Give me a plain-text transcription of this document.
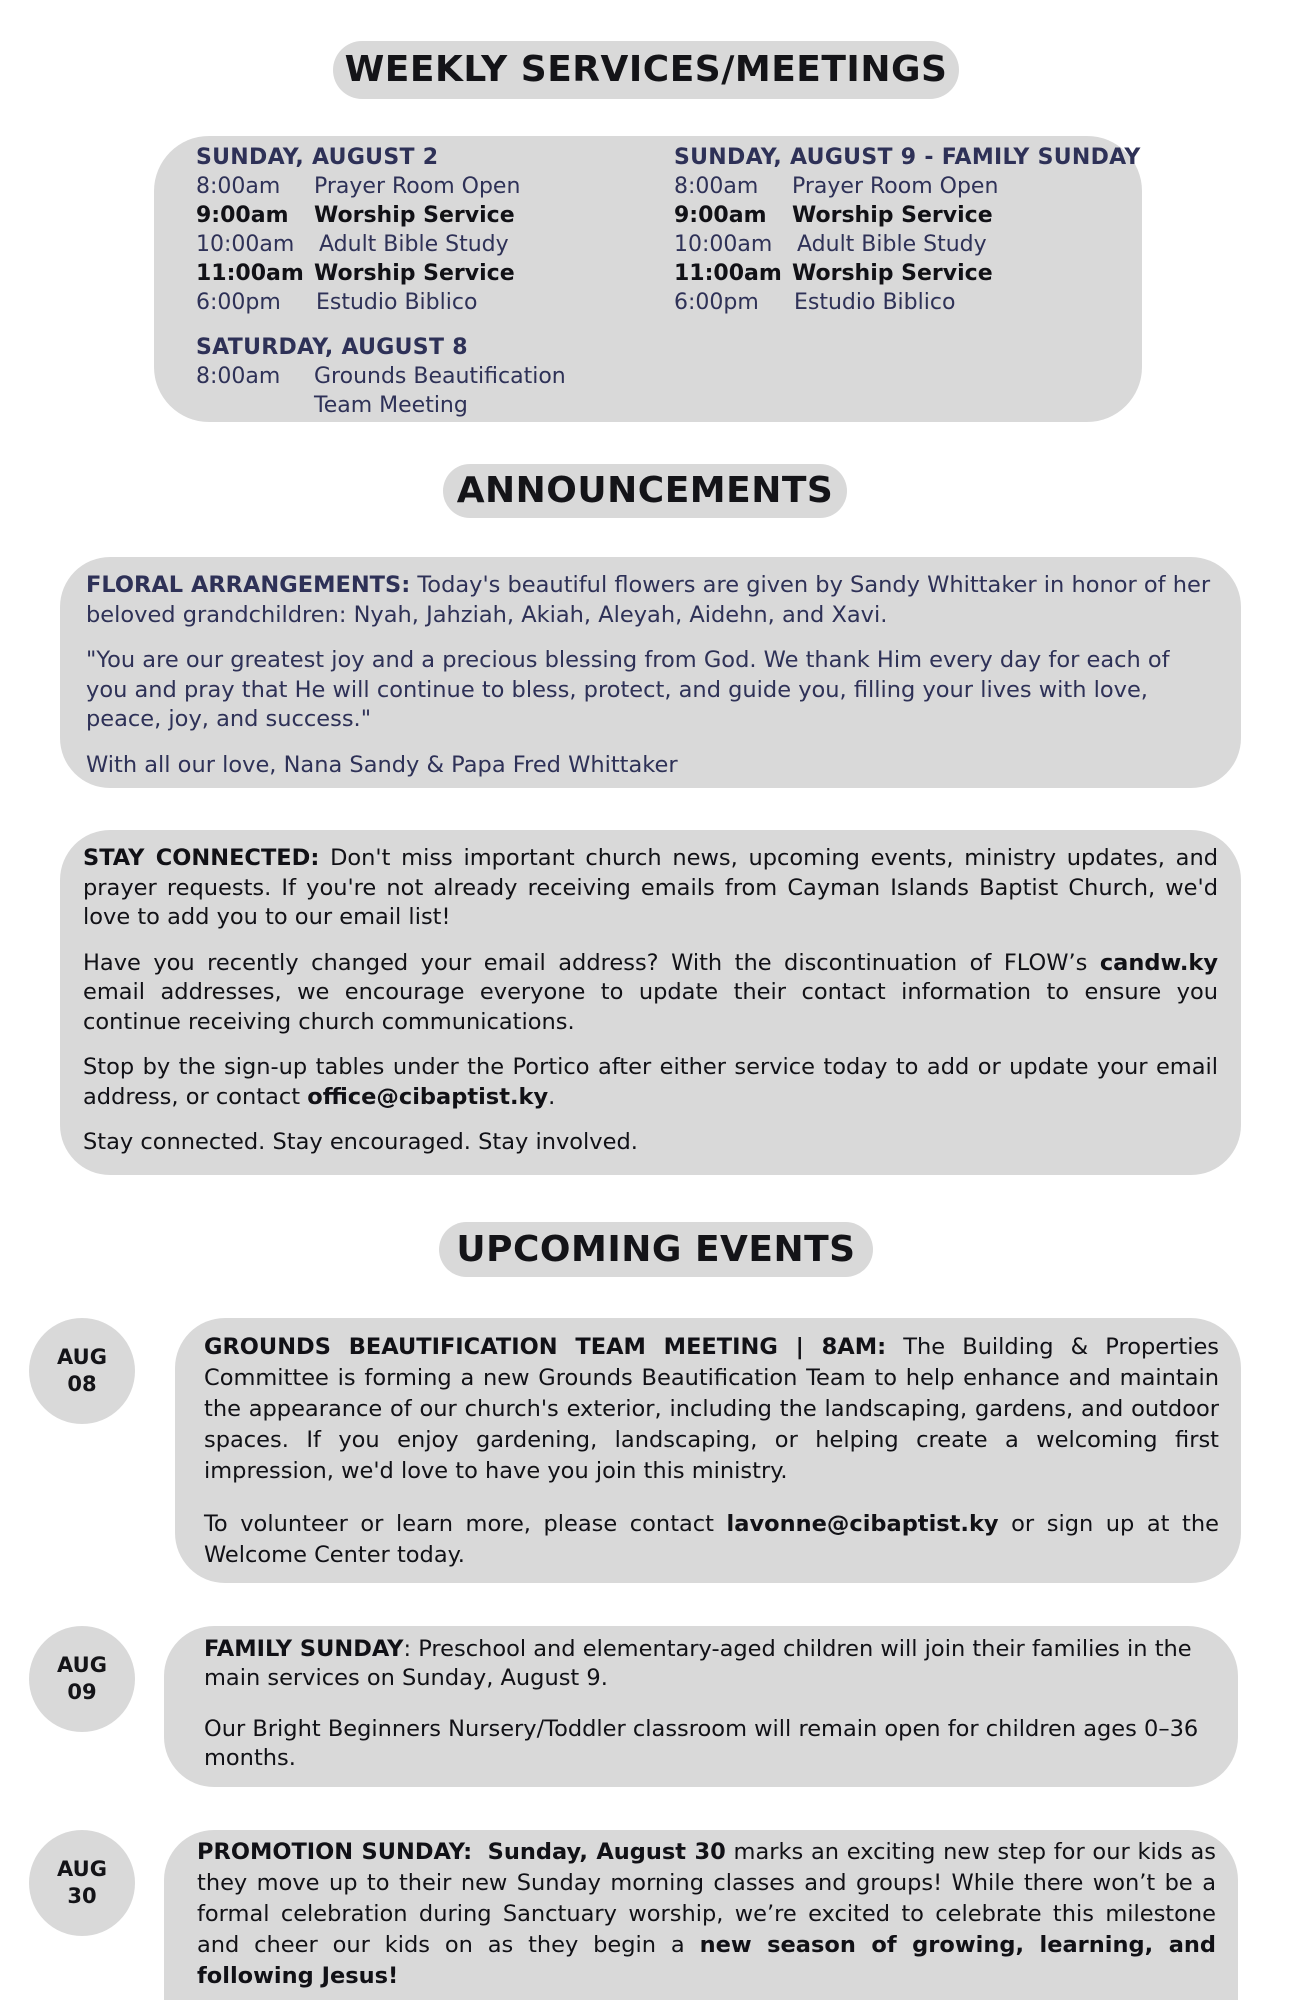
WEEKLY SERVICES/MEETINGS
SUNDAY, AUGUST 2
8:00am	Prayer Room Open
9:00am	Worship Service
10:00am	Adult Bible Study
11:00am Worship Service
6:00pm	Estudio Biblico
SATURDAY, AUGUST 8
8:00am	Grounds Beautification
Team Meeting
SUNDAY, AUGUST 9 - FAMILY SUNDAY
8:00am	Prayer Room Open
9:00am	Worship Service
10:00am	Adult Bible Study
11:00am Worship Service
6:00pm	Estudio Biblico
ANNOUNCEMENTS

FLORAL ARRANGEMENTS: Today's beautiful flowers are given by Sandy Whittaker in honor of her beloved grandchildren: Nyah, Jahziah, Akiah, Aleyah, Aidehn, and Xavi.

"You are our greatest joy and a precious blessing from God. We thank Him every day for each of you and pray that He will continue to bless, protect, and guide you, filling your lives with love, peace, joy, and success."

With all our love, Nana Sandy & Papa Fred Whittaker

STAY CONNECTED: Don't miss important church news, upcoming events, ministry updates, and prayer requests. If you're not already receiving emails from Cayman Islands Baptist Church, we'd love to add you to our email list!

Have you recently changed your email address? With the discontinuation of FLOW’s candw.ky email addresses, we encourage everyone to update their contact information to ensure you continue receiving church communications.

Stop by the sign-up tables under the Portico after either service today to add or update your email address, or contact office@cibaptist.ky.

Stay connected. Stay encouraged. Stay involved.

UPCOMING EVENTS
AUG
08

GROUNDS BEAUTIFICATION TEAM MEETING | 8AM: The Building & Properties Committee is forming a new Grounds Beautification Team to help enhance and maintain the appearance of our church's exterior, including the landscaping, gardens, and outdoor spaces. If you enjoy gardening, landscaping, or helping create a welcoming first impression, we'd love to have you join this ministry.

To volunteer or learn more, please contact lavonne@cibaptist.ky or sign up at the Welcome Center today.

AUG
09

FAMILY SUNDAY: Preschool and elementary-aged children will join their families in the main services on Sunday, August 9.

Our Bright Beginners Nursery/Toddler classroom will remain open for children ages 0–36 months.

AUG
30

PROMOTION SUNDAY: Sunday, August 30 marks an exciting new step for our kids as they move up to their new Sunday morning classes and groups! While there won’t be a formal celebration during Sanctuary worship, we’re excited to celebrate this milestone and cheer our kids on as they begin a new season of growing, learning, and following Jesus!
